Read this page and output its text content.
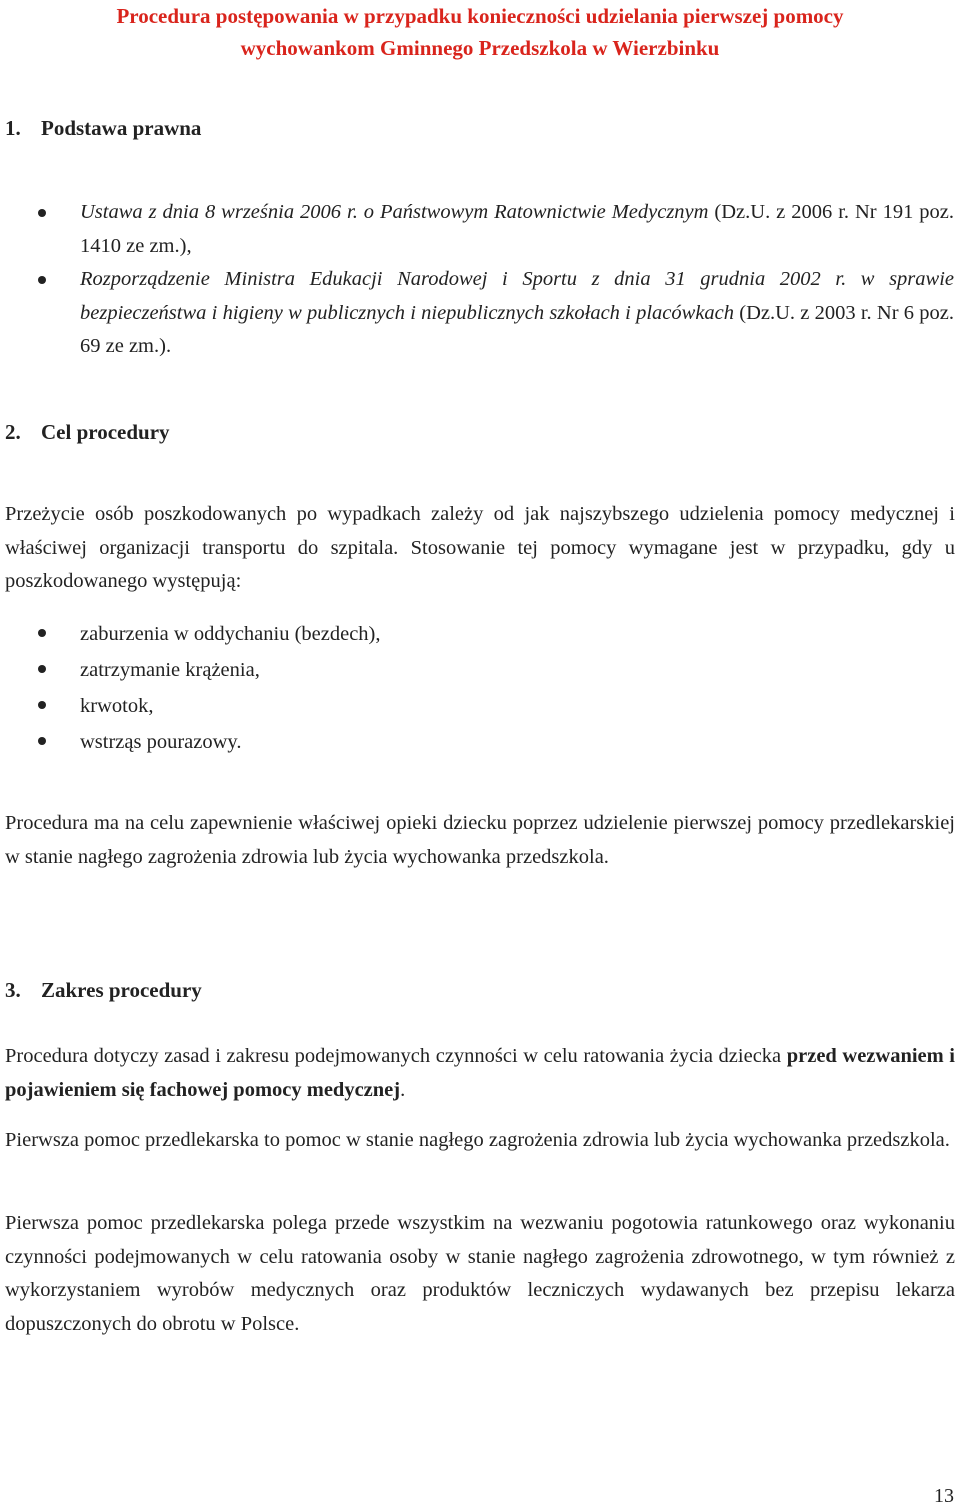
Procedura postępowania w przypadku konieczności udzielania pierwszej pomocy
wychowankom Gminnego Przedszkola w Wierzbinku
1. Podstawa prawna
Ustawa z dnia 8 września 2006 r. o Państwowym Ratownictwie Medycznym (Dz.U. z 2006 r. Nr 191 poz. 1410 ze zm.),
Rozporządzenie Ministra Edukacji Narodowej i Sportu z dnia 31 grudnia 2002 r. w sprawie bezpieczeństwa i higieny w publicznych i niepublicznych szkołach i placówkach (Dz.U. z 2003 r. Nr 6 poz. 69 ze zm.).
2. Cel procedury

Przeżycie osób poszkodowanych po wypadkach zależy od jak najszybszego udzielenia pomocy medycznej i właściwej organizacji transportu do szpitala. Stosowanie tej pomocy wymagane jest w przypadku, gdy u poszkodowanego występują:

zaburzenia w oddychaniu (bezdech),
zatrzymanie krążenia,
krwotok,
wstrząs pourazowy.

Procedura ma na celu zapewnienie właściwej opieki dziecku poprzez udzielenie pierwszej pomocy przedlekarskiej w stanie nagłego zagrożenia zdrowia lub życia wychowanka przedszkola.

3. Zakres procedury

Procedura dotyczy zasad i zakresu podejmowanych czynności w celu ratowania życia dziecka przed wezwaniem i pojawieniem się fachowej pomocy medycznej.

Pierwsza pomoc przedlekarska to pomoc w stanie nagłego zagrożenia zdrowia lub życia wychowanka przedszkola.

Pierwsza pomoc przedlekarska polega przede wszystkim na wezwaniu pogotowia ratunkowego oraz wykonaniu czynności podejmowanych w celu ratowania osoby w stanie nagłego zagrożenia zdrowotnego, w tym również z wykorzystaniem wyrobów medycznych oraz produktów leczniczych wydawanych bez przepisu lekarza dopuszczonych do obrotu w Polsce.

13
